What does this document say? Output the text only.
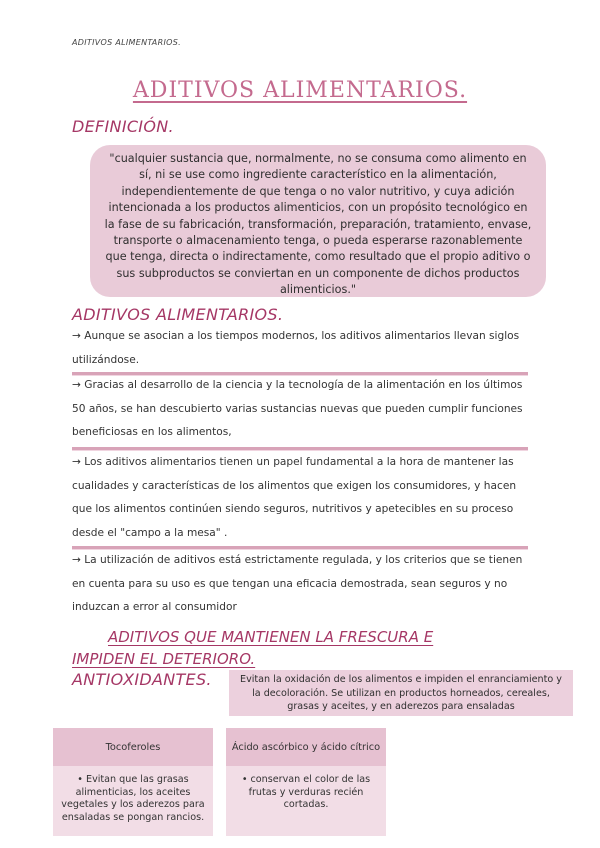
ADITIVOS ALIMENTARIOS.
ADITIVOS ALIMENTARIOS.
DEFINICIÓN.
"cualquier sustancia que, normalmente, no se consuma como alimento en sí, ni se use como ingrediente característico en la alimentación, independientemente de que tenga o no valor nutritivo, y cuya adición intencionada a los productos alimenticios, con un propósito tecnológico en la fase de su fabricación, transformación, preparación, tratamiento, envase, transporte o almacenamiento tenga, o pueda esperarse razonablemente que tenga, directa o indirectamente, como resultado que el propio aditivo o sus subproductos se conviertan en un componente de dichos productos alimenticios."
ADITIVOS ALIMENTARIOS.
→ Aunque se asocian a los tiempos modernos, los aditivos alimentarios llevan siglos utilizándose.
→ Gracias al desarrollo de la ciencia y la tecnología de la alimentación en los últimos 50 años, se han descubierto varias sustancias nuevas que pueden cumplir funciones beneficiosas en los alimentos,
→ Los aditivos alimentarios tienen un papel fundamental a la hora de mantener las cualidades y características de los alimentos que exigen los consumidores, y hacen que los alimentos continúen siendo seguros, nutritivos y apetecibles en su proceso desde el "campo a la mesa" .
→ La utilización de aditivos está estrictamente regulada, y los criterios que se tienen en cuenta para su uso es que tengan una eficacia demostrada, sean seguros y no induzcan a error al consumidor
ADITIVOS QUE MANTIENEN LA FRESCURA E
IMPIDEN EL DETERIORO.
ANTIOXIDANTES.	Evitan la oxidación de los alimentos e impiden el enranciamiento y la decoloración. Se utilizan en productos horneados, cereales, grasas y aceites, y en aderezos para ensaladas
Tocoferoles
• Evitan que las grasas alimenticias, los aceites vegetales y los aderezos para ensaladas se pongan rancios.
Ácido ascórbico y ácido cítrico
• conservan el color de las frutas y verduras recién cortadas.
